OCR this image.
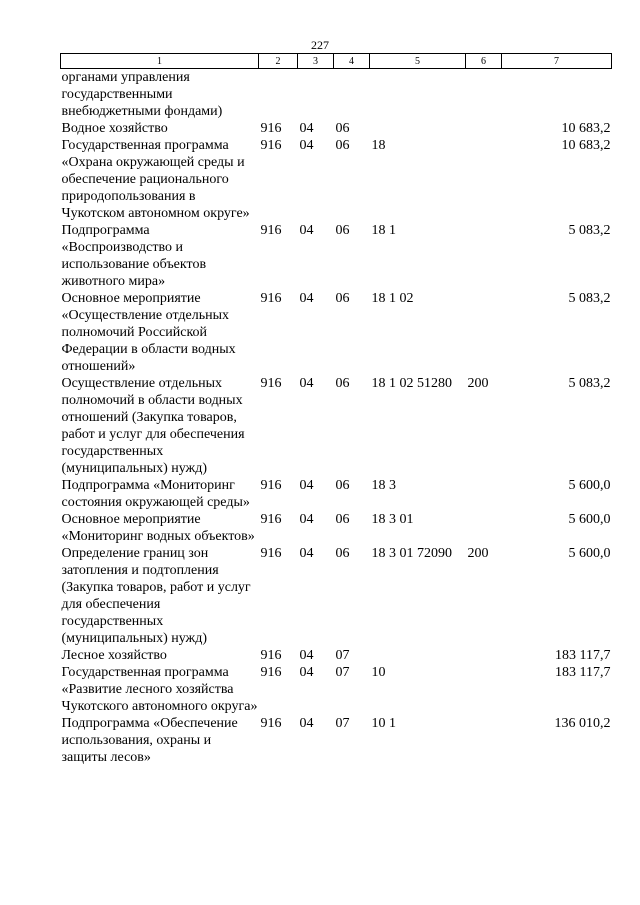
227
1	2	3	4	5	6	7
органами управления государственными внебюджетными фондами)						
Водное хозяйство	916	04	06			10 683,2
Государственная программа «Охрана окружающей среды и обеспечение рационального природопользования в Чукотском автономном округе»	916	04	06	18		10 683,2
Подпрограмма «Воспроизводство и использование объектов животного мира»	916	04	06	18 1		5 083,2
Основное мероприятие «Осуществление отдельных полномочий Российской Федерации в области водных отношений»	916	04	06	18 1 02		5 083,2
Осуществление отдельных полномочий в области водных отношений (Закупка товаров, работ и услуг для обеспечения государственных (муниципальных) нужд)	916	04	06	18 1 02 51280	200	5 083,2
Подпрограмма «Мониторинг состояния окружающей среды»	916	04	06	18 3		5 600,0
Основное мероприятие «Мониторинг водных объектов»	916	04	06	18 3 01		5 600,0
Определение границ зон затопления и подтопления (Закупка товаров, работ и услуг для обеспечения государственных (муниципальных) нужд)	916	04	06	18 3 01 72090	200	5 600,0
Лесное хозяйство	916	04	07			183 117,7
Государственная программа «Развитие лесного хозяйства Чукотского автономного округа»	916	04	07	10		183 117,7
Подпрограмма «Обеспечение использования, охраны и защиты лесов»	916	04	07	10 1		136 010,2
